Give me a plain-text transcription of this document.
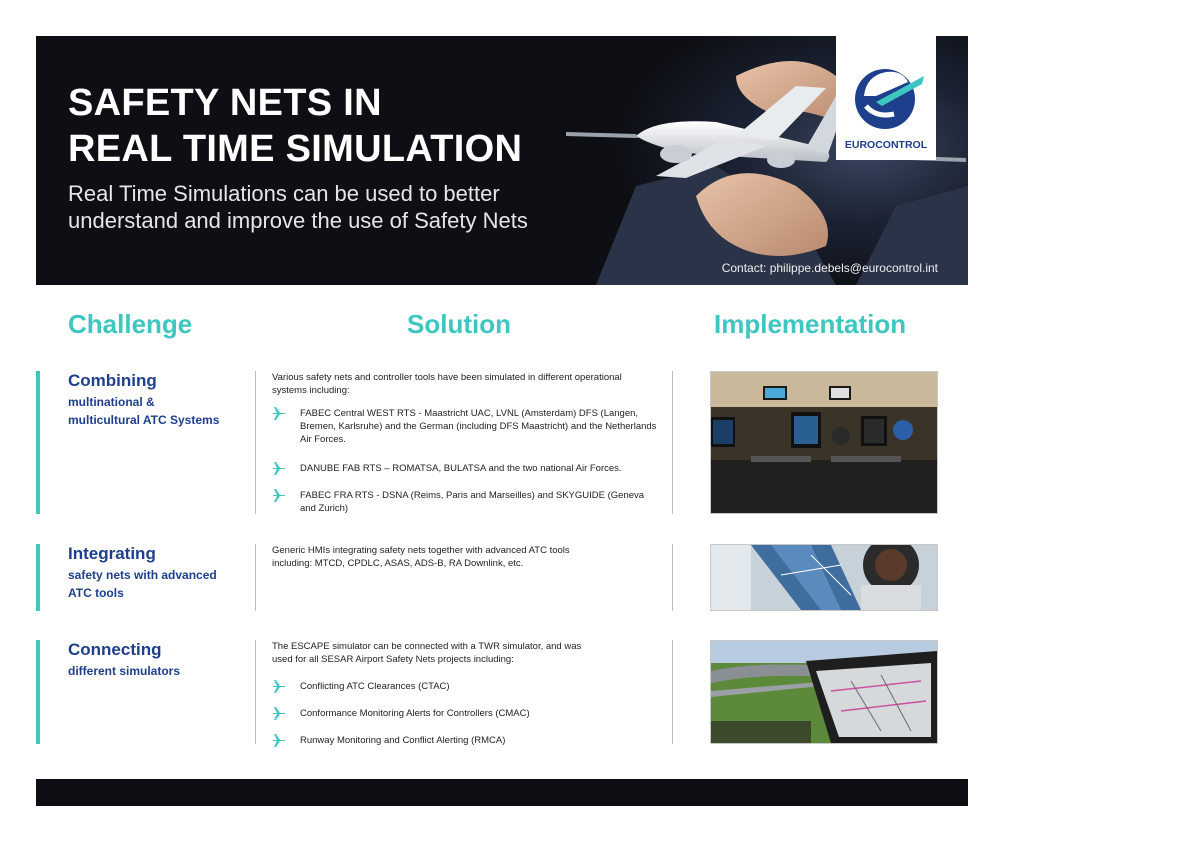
SAFETY NETS IN
REAL TIME SIMULATION

Real Time Simulations can be used to better
understand and improve the use of Safety Nets

Contact: philippe.debels@eurocontrol.int
EUROCONTROL
Challenge	Solution	Implementation
Combining
multinational & multicultural ATC Systems
Various safety nets and controller tools have been simulated in different operational systems including:
FABEC Central WEST RTS - Maastricht UAC, LVNL (Amsterdam) DFS (Langen, Bremen, Karlsruhe) and the German (including DFS Maastricht) and the Netherlands Air Forces.
DANUBE FAB RTS – ROMATSA, BULATSA and the two national Air Forces.
FABEC FRA RTS - DSNA (Reims, Paris and Marseilles) and SKYGUIDE (Geneva and Zurich)
Integrating
safety nets with advanced ATC tools
Generic HMIs integrating safety nets together with advanced ATC tools including: MTCD, CPDLC, ASAS, ADS-B, RA Downlink, etc.
Connecting
different simulators
The ESCAPE simulator can be connected with a TWR simulator, and was used for all SESAR Airport Safety Nets projects including:
Conflicting ATC Clearances (CTAC)
Conformance Monitoring Alerts for Controllers (CMAC)
Runway Monitoring and Conflict Alerting (RMCA)
